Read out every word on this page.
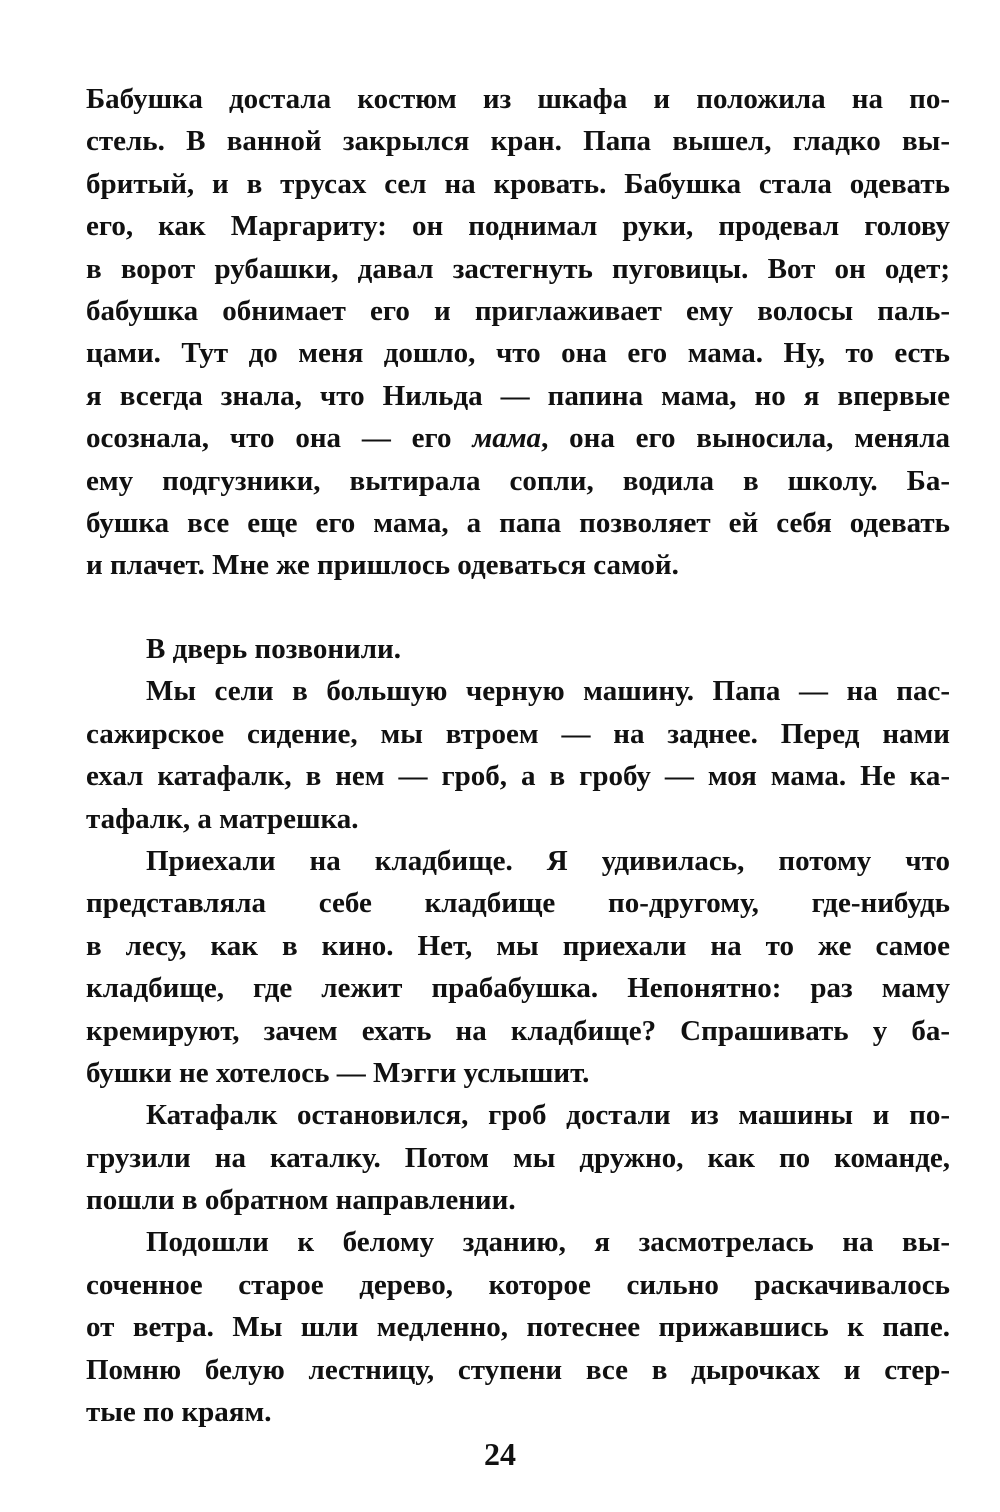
Бабушка достала костюм из шкафа и положила на по-
стель. В ванной закрылся кран. Папа вышел, гладко вы-
бритый, и в трусах сел на кровать. Бабушка стала одевать
его, как Маргариту: он поднимал руки, продевал голову
в ворот рубашки, давал застегнуть пуговицы. Вот он одет;
бабушка обнимает его и приглаживает ему волосы паль-
цами. Тут до меня дошло, что она его мама. Ну, то есть
я всегда знала, что Нильда — папина мама, но я впервые
осознала, что она — его мама, она его выносила, меняла
ему подгузники, вытирала сопли, водила в школу. Ба-
бушка все еще его мама, а папа позволяет ей себя одевать
и плачет. Мне же пришлось одеваться самой.
В дверь позвонили.
Мы сели в большую черную машину. Папа — на пас-
сажирское сидение, мы втроем — на заднее. Перед нами
ехал катафалк, в нем — гроб, а в гробу — моя мама. Не ка-
тафалк, а матрешка.
Приехали на кладбище. Я удивилась, потому что
представляла себе кладбище по-другому, где-нибудь
в лесу, как в кино. Нет, мы приехали на то же самое
кладбище, где лежит прабабушка. Непонятно: раз маму
кремируют, зачем ехать на кладбище? Спрашивать у ба-
бушки не хотелось — Мэгги услышит.
Катафалк остановился, гроб достали из машины и по-
грузили на каталку. Потом мы дружно, как по команде,
пошли в обратном направлении.
Подошли к белому зданию, я засмотрелась на вы-
соченное старое дерево, которое сильно раскачивалось
от ветра. Мы шли медленно, потеснее прижавшись к папе.
Помню белую лестницу, ступени все в дырочках и стер-
тые по краям.
24
